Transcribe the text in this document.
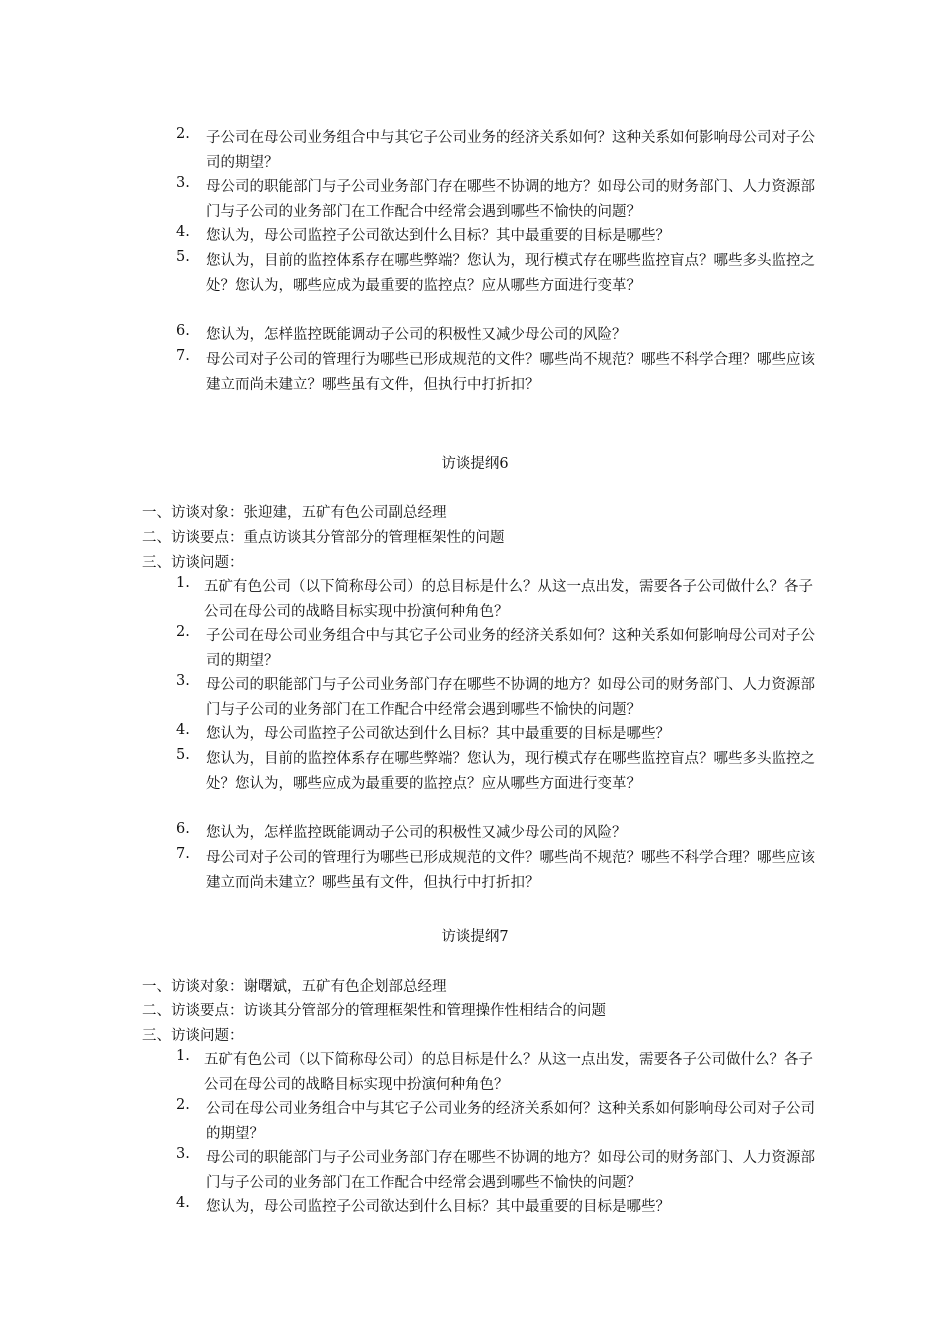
2. 子公司在母公司业务组合中与其它子公司业务的经济关系如何？这种关系如何影响母公司对子公司的期望？
3. 母公司的职能部门与子公司业务部门存在哪些不协调的地方？如母公司的财务部门、人力资源部门与子公司的业务部门在工作配合中经常会遇到哪些不愉快的问题？
4. 您认为，母公司监控子公司欲达到什么目标？其中最重要的目标是哪些？
5. 您认为，目前的监控体系存在哪些弊端？您认为，现行模式存在哪些监控盲点？哪些多头监控之处？您认为，哪些应成为最重要的监控点？应从哪些方面进行变革？
6. 您认为，怎样监控既能调动子公司的积极性又减少母公司的风险？
7. 母公司对子公司的管理行为哪些已形成规范的文件？哪些尚不规范？哪些不科学合理？哪些应该建立而尚未建立？哪些虽有文件，但执行中打折扣？
访谈提纲6
一、访谈对象：张迎建，五矿有色公司副总经理
二、访谈要点：重点访谈其分管部分的管理框架性的问题
三、访谈问题：
1. 五矿有色公司（以下简称母公司）的总目标是什么？从这一点出发，需要各子公司做什么？各子公司在母公司的战略目标实现中扮演何种角色？
2. 子公司在母公司业务组合中与其它子公司业务的经济关系如何？这种关系如何影响母公司对子公司的期望？
3. 母公司的职能部门与子公司业务部门存在哪些不协调的地方？如母公司的财务部门、人力资源部门与子公司的业务部门在工作配合中经常会遇到哪些不愉快的问题？
4. 您认为，母公司监控子公司欲达到什么目标？其中最重要的目标是哪些？
5. 您认为，目前的监控体系存在哪些弊端？您认为，现行模式存在哪些监控盲点？哪些多头监控之处？您认为，哪些应成为最重要的监控点？应从哪些方面进行变革？
6. 您认为，怎样监控既能调动子公司的积极性又减少母公司的风险？
7. 母公司对子公司的管理行为哪些已形成规范的文件？哪些尚不规范？哪些不科学合理？哪些应该建立而尚未建立？哪些虽有文件，但执行中打折扣？
访谈提纲7
一、访谈对象：谢曙斌，五矿有色企划部总经理
二、访谈要点：访谈其分管部分的管理框架性和管理操作性相结合的问题
三、访谈问题：
1. 五矿有色公司（以下简称母公司）的总目标是什么？从这一点出发，需要各子公司做什么？各子公司在母公司的战略目标实现中扮演何种角色？
2. 公司在母公司业务组合中与其它子公司业务的经济关系如何？这种关系如何影响母公司对子公司的期望？
3. 母公司的职能部门与子公司业务部门存在哪些不协调的地方？如母公司的财务部门、人力资源部门与子公司的业务部门在工作配合中经常会遇到哪些不愉快的问题？
4. 您认为，母公司监控子公司欲达到什么目标？其中最重要的目标是哪些？
